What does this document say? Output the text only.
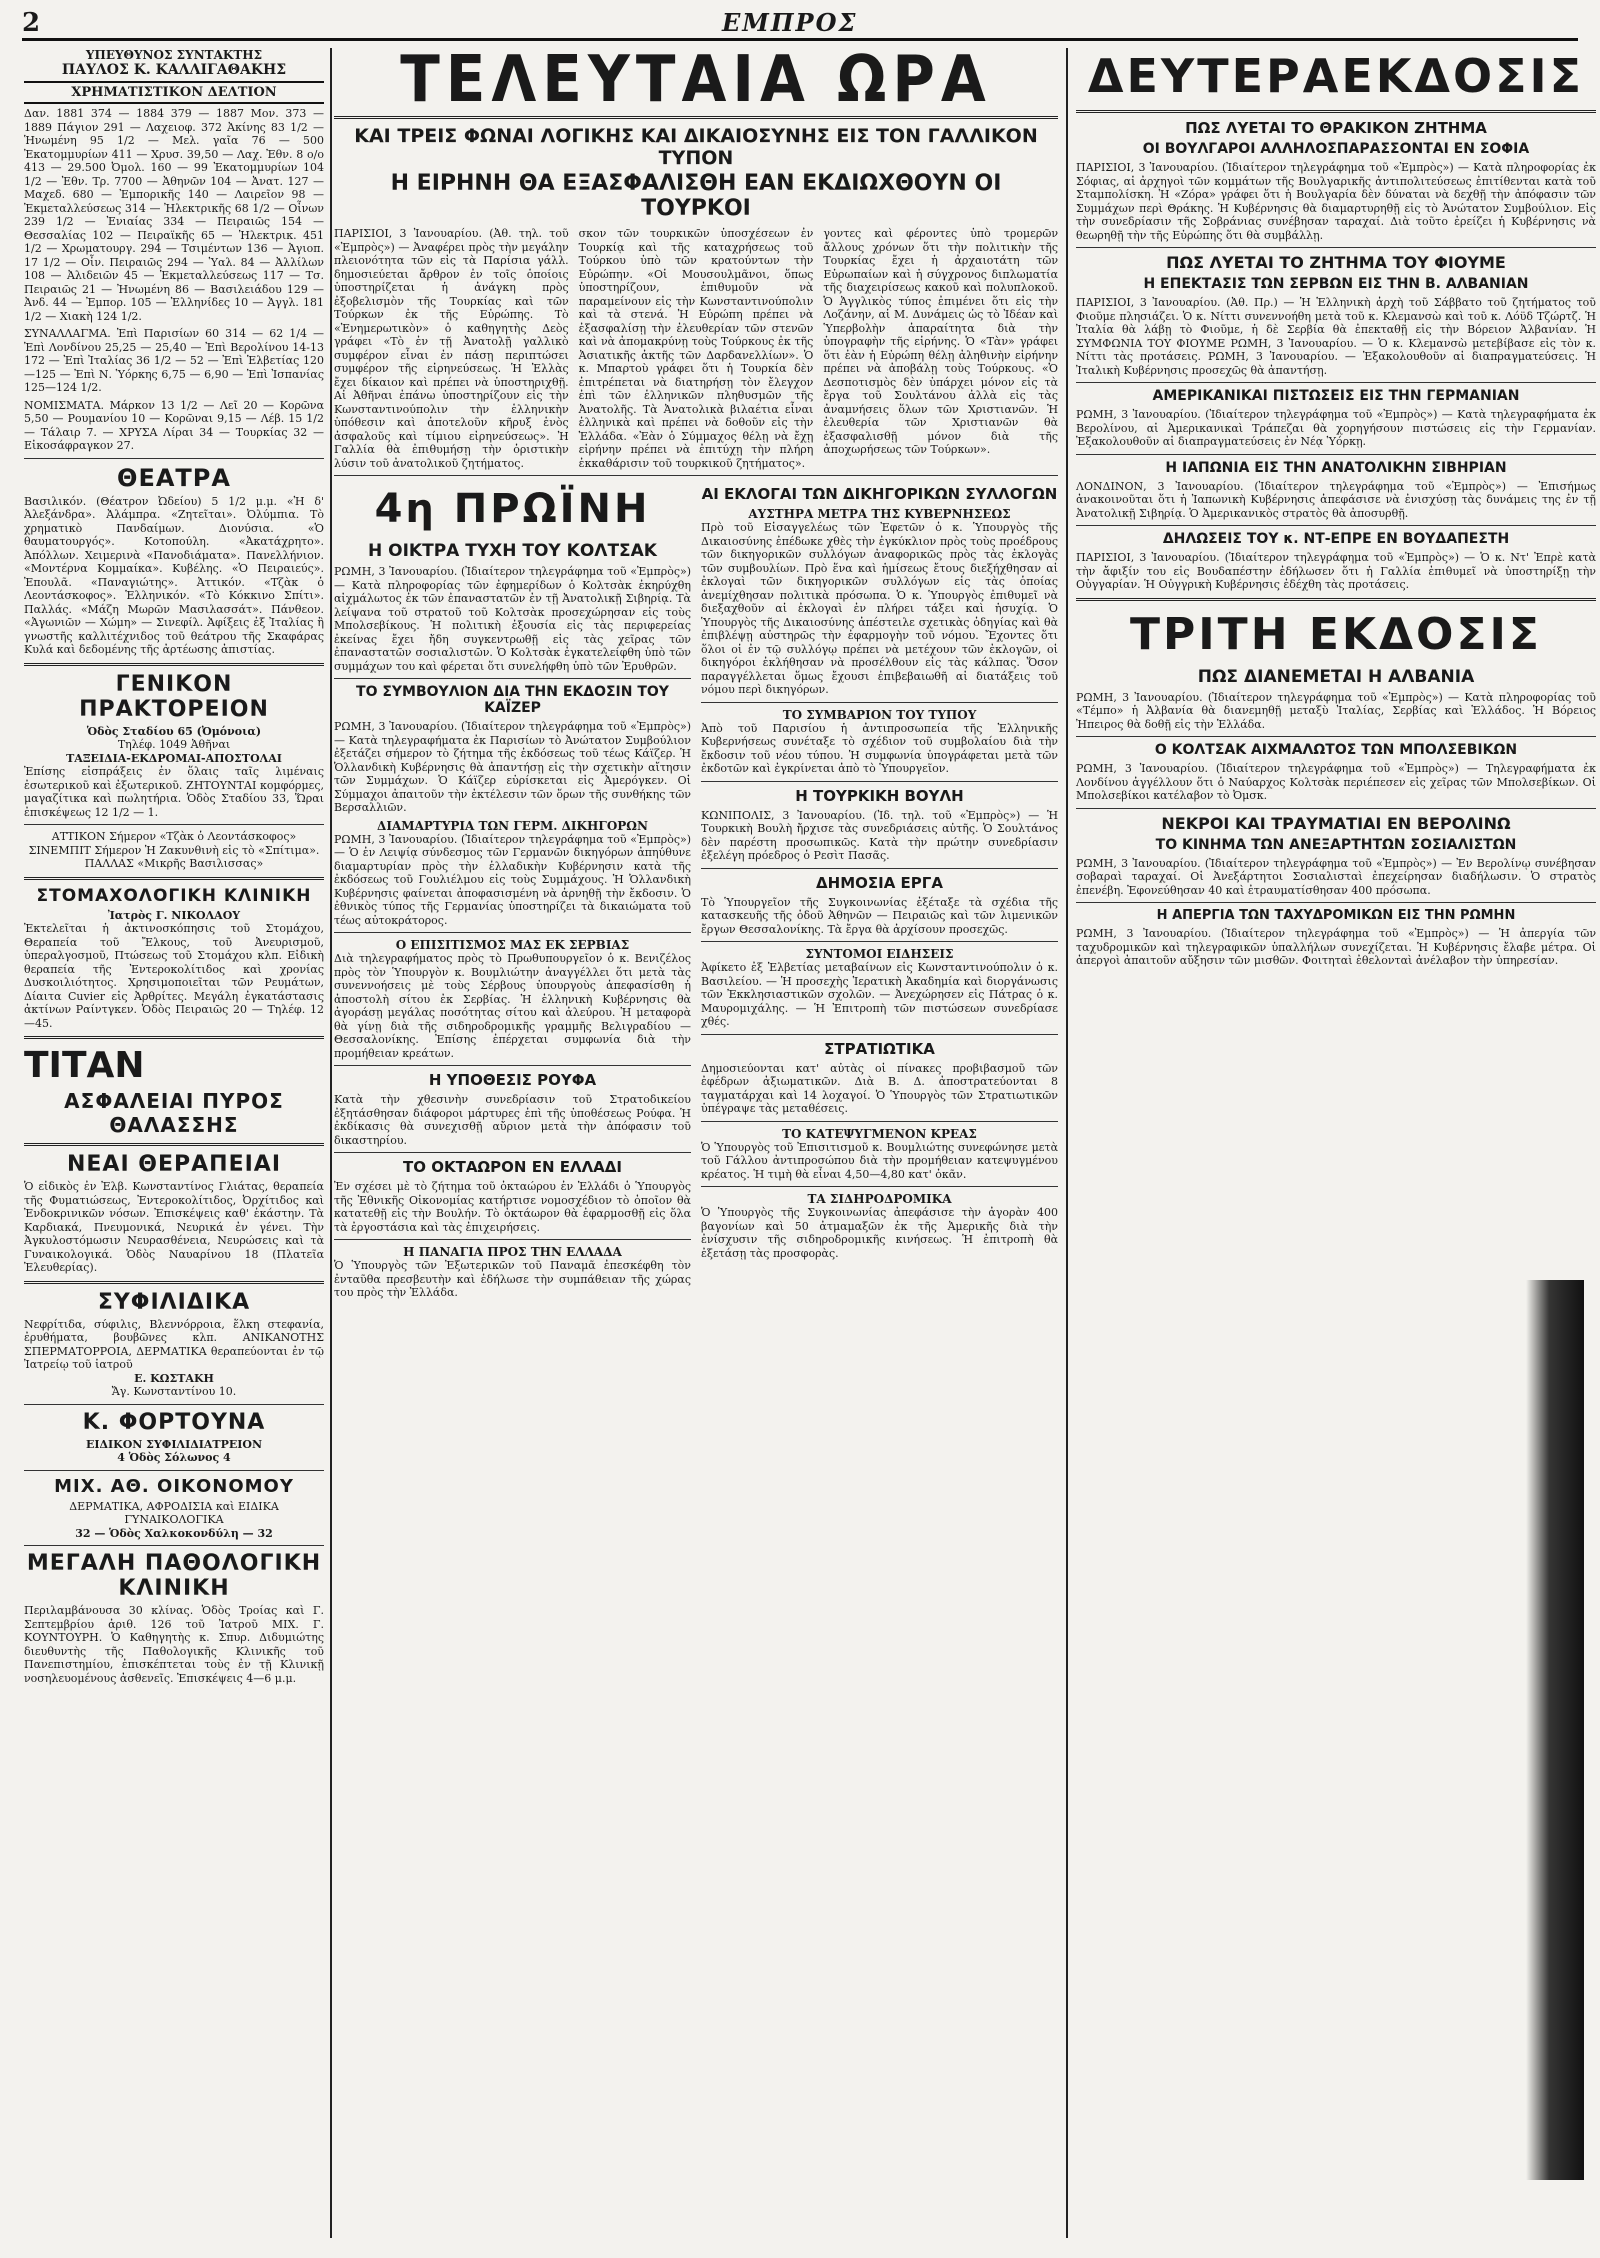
2	ΕΜΠΡΟΣ

ΥΠΕΥΘΥΝΟΣ ΣΥΝΤΑΚΤΗΣ

ΠΑΥΛΟΣ Κ. ΚΑΛΛΙΓΑΘΑΚΗΣ

ΧΡΗΜΑΤΙΣΤΙΚΟΝ ΔΕΛΤΙΟΝ
Δαν. 1881 374 — 1884 379 — 1887 Μον. 373 — 1889 Πάγιον 291 — Λαχειοφ. 372 Ἀκίνης 83 1/2 — Ἡνωμένη 95 1/2 — Μελ. γαῖα 76 — 500 Ἐκατομμυρίων 411 — Χρυσ. 39,50 — Λαχ. Ἐθν. 8 ο/ο 413 — 29.500 Ὀμολ. 160 — 99 Ἐκατομμυρίων 104 1/2 — Ἐθν. Τρ. 7700 — Ἀθηνῶν 104 — Ἀνατ. 127 — Μαχεδ. 680 — Ἐμπορικῆς 140 — Λαιρεῖον 98 — Ἐκμεταλλεύσεως 314 — Ἠλεκτρικῆς 68 1/2 — Οἶνων 239 1/2 — Ἐνιαίας 334 — Πειραιῶς 154 — Θεσσαλίας 102 — Πειραϊκῆς 65 — Ἠλεκτρικ. 451 1/2 — Χρωματουργ. 294 — Τσιμέντων 136 — Ἀγιοπ. 17 1/2 — Οἶν. Πειραιῶς 294 — Ὑαλ. 84 — Ἀλλίλων 108 — Ἀλιδειῶν 45 — Ἐκμεταλλεύσεως 117 — Τσ. Πειραιῶς 21 — Ἠνωμένη 86 — Βασιλειάδου 129 — Ἀνδ. 44 — Ἐμπορ. 105 — Ἑλληνίδες 10 — Ἀγγλ. 181 1/2 — Χιακὴ 124 1/2.
ΣΥΝΑΛΛΑΓΜΑ. Ἐπὶ Παρισίων 60 314 — 62 1/4 — Ἐπὶ Λονδίνου 25,25 — 25,40 — Ἐπὶ Βερολίνου 14-13 172 — Ἐπὶ Ἰταλίας 36 1/2 — 52 — Ἐπὶ Ἑλβετίας 120—125 — Ἐπὶ Ν. Ὑόρκης 6,75 — 6,90 — Ἐπὶ Ἰσπανίας 125—124 1/2.
ΝΟΜΙΣΜΑΤΑ. Μάρκον 13 1/2 — Λεῖ 20 — Κορῶνα 5,50 — Ρουμανίου 10 — Κορῶναι 9,15 — Λέβ. 15 1/2 — Τάλαιρ 7. — ΧΡΥΣΑ Λίραι 34 — Τουρκίας 32 — Εἰκοσάφραγκον 27.
ΘΕΑΤΡΑ
Βασιλικόν. (Θέατρον Ὠδείου) 5 1/2 μ.μ. «Ἡ δ' Ἀλεξάνδρα». Ἀλάμπρα. «Ζητεῖται». Ὀλύμπια. Τὸ χρηματικὸ Πανδαίμων. Διονύσια. «Ὁ θαυματουργός». Κοτοπούλη. «Ἀκατάχρητο». Ἀπόλλων. Χειμερινὰ «Πανοδιάματα». Πανελλήνιον. «Μοντέρνα Κομμαίκα». Κυβέλης. «Ὁ Πειραιεύς». Ἐπουλᾶ. «Παναγιώτης». Ἀττικόν. «Τζὰκ ὁ Λεοντάσκοφος». Ἑλληνικόν. «Τὸ Κόκκινο Σπίτι». Παλλάς. «Μάζη Μωρῶν Μασιλασσάτ». Πάνθεον. «Ἀγωνιῶν — Χώμη» — Σινεφίλ. Ἀφίξεις ἐξ Ἰταλίας ἢ γνωστῆς καλλιτέχνιδος τοῦ θεάτρου τῆς Σκαφάρας Κυλά καὶ δεδομένης τῆς ἀρτέωσης ἀπιστίας.
ΓΕΝΙΚΟΝ ΠΡΑΚΤΟΡΕΙΟΝ
Ὁδὸς Σταδίου 65 (Ὀμόνοια)
Τηλέφ. 1049 Ἀθῆναι
ΤΑΞΕΙΔΙΑ-ΕΚΔΡΟΜΑΙ-ΑΠΟΣΤΟΛΑΙ
Ἐπίσης εἰσπράξεις ἐν ὅλαις ταῖς λιμέναις ἐσωτερικοῦ καὶ ἐξωτερικοῦ. ΖΗΤΟΥΝΤΑΙ κομφόρμες, μαγαζίτικα καὶ πωλητήρια. Ὁδὸς Σταδίου 33, Ὥραι ἐπισκέψεως 12 1/2 — 1.
ΑΤΤΙΚΟΝ Σήμερον «Τζὰκ ὁ Λεοντάσκοφος» ΣΙΝΕΜΠΙΤ Σήμερον Ἡ Ζακυνθινὴ εἰς τὸ «Σπίτιμα». ΠΑΛΛΑΣ «Μικρῆς Βασιλισσας»
ΣΤΟΜΑΧΟΛΟΓΙΚΗ ΚΛΙΝΙΚΗ
Ἰατρὸς Γ. ΝΙΚΟΛΑΟΥ
Ἐκτελεῖται ἡ ἀκτινοσκόπησις τοῦ Στομάχου, Θεραπεία τοῦ Ἔλκους, τοῦ Ἀνευρισμοῦ, ὑπεραλγοσμοῦ, Πτώσεως τοῦ Στομάχου κλπ. Εἰδικὴ θεραπεία τῆς Ἐντεροκολίτιδος καὶ χρονίας Δυσκοιλιότητος. Χρησιμοποιεῖται τῶν Ρευμάτων, Δίαιτα Cuvier εἰς Ἀρθρίτες. Μεγάλη ἐγκατάστασις ἀκτίνων Ραίντγκεν. Ὁδὸς Πειραιῶς 20 — Τηλέφ. 12—45.
ΤΙΤΑΝ
ΑΣΦΑΛΕΙΑΙ ΠΥΡΟΣ ΘΑΛΑΣΣΗΣ
ΝΕΑΙ ΘΕΡΑΠΕΙΑΙ
Ὁ εἰδικὸς ἐν Ἐλβ. Κωνσταντίνος Γλιάτας, θεραπεία τῆς Φυματιώσεως, Ἐντεροκολίτιδος, Ὀρχίτιδος καὶ Ἐνδοκρινικῶν νόσων. Ἐπισκέψεις καθ' ἑκάστην. Τὰ Καρδιακά, Πνευμονικά, Νευρικά ἐν γένει. Τὴν Ἀγκυλοστόμωσιν Νευρασθένεια, Νευρώσεις καὶ τὰ Γυναικολογικά. Ὁδὸς Ναυαρίνου 18 (Πλατεῖα Ἐλευθερίας).
ΣΥΦΙΛΙΔΙΚΑ
Νεφρίτιδα, σύφιλις, Βλεννόρροια, ἕλκη στεφανία, ἐρυθήματα, βουβῶνες κλπ. ΑΝΙΚΑΝΟΤΗΣ ΣΠΕΡΜΑΤΟΡΡΟΙΑ, ΔΕΡΜΑΤΙΚΑ θεραπεύονται ἐν τῷ Ἰατρείῳ τοῦ ἰατροῦ
Ε. ΚΩΣΤΑΚΗ
Ἄγ. Κωνσταντίνου 10.
Κ. ΦΟΡΤΟΥΝΑ
ΕΙΔΙΚΟΝ ΣΥΦΙΛΙΔΙΑΤΡΕΙΟΝ
4 Ὁδὸς Σόλωνος 4
ΜΙΧ. ΑΘ. ΟΙΚΟΝΟΜΟΥ
ΔΕΡΜΑΤΙΚΑ, ΑΦΡΟΔΙΣΙΑ καὶ ΕΙΔΙΚΑ ΓΥΝΑΙΚΟΛΟΓΙΚΑ
32 — Ὁδὸς Χαλκοκονδύλη — 32
ΜΕΓΑΛΗ ΠΑΘΟΛΟΓΙΚΗ ΚΛΙΝΙΚΗ
Περιλαμβάνουσα 30 κλίνας. Ὁδὸς Τροίας καὶ Γ. Σεπτεμβρίου ἀριθ. 126 τοῦ Ἰατροῦ ΜΙΧ. Γ. ΚΟΥΝΤΟΥΡΗ. Ὁ Καθηγητὴς κ. Σπυρ. Διδυμιώτης διευθυντὴς τῆς Παθολογικῆς Κλινικῆς τοῦ Πανεπιστημίου, ἐπισκέπτεται τοὺς ἐν τῇ Κλινικῇ νοσηλευομένους ἀσθενεῖς. Ἐπισκέψεις 4—6 μ.μ.
ΤΕΛΕΥΤΑΙΑ ΩΡΑ
ΚΑΙ ΤΡΕΙΣ ΦΩΝΑΙ ΛΟΓΙΚΗΣ ΚΑΙ ΔΙΚΑΙΟΣΥΝΗΣ ΕΙΣ ΤΟΝ ΓΑΛΛΙΚΟΝ ΤΥΠΟΝ
Η ΕΙΡΗΝΗ ΘΑ ΕΞΑΣΦΑΛΙΣΘΗ ΕΑΝ ΕΚΔΙΩΧΘΟΥΝ ΟΙ ΤΟΥΡΚΟΙ
ΠΑΡΙΣΙΟΙ, 3 Ἰανουαρίου. (Ἀθ. τηλ. τοῦ «Ἐμπρὸς») — Ἀναφέρει πρὸς τὴν μεγάλην πλειονότητα τῶν εἰς τὰ Παρίσια γάλλ. δημοσιεύεται ἄρθρον ἐν τοῖς ὁποίοις ὑποστηρίζεται ἡ ἀνάγκη πρὸς ἐξοβελισμὸν τῆς Τουρκίας καὶ τῶν Τούρκων ἐκ τῆς Εὐρώπης. Τὸ «Ἐνημερωτικὸν» ὁ καθηγητὴς Δεὸς γράφει «Τὸ ἐν τῇ Ἀνατολῇ γαλλικὸ συμφέρον εἶναι ἐν πάσῃ περιπτώσει συμφέρον τῆς εἰρηνεύσεως. Ἡ Ἑλλὰς ἔχει δίκαιον καὶ πρέπει νὰ ὑποστηριχθῇ. Αἱ Ἀθῆναι ἐπάνω ὑποστηρίζουν εἰς τὴν Κωνσταντινούπολιν τὴν ἑλληνικὴν ὑπόθεσιν καὶ ἀποτελοῦν κῆρυξ ἑνὸς ἀσφαλοῦς καὶ τίμιου εἰρηνεύσεως». Ἡ Γαλλία θὰ ἐπιθυμήσῃ τὴν ὁριστικὴν λύσιν τοῦ ἀνατολικοῦ ζητήματος.
σκον τῶν τουρκικῶν ὑποσχέσεων ἐν Τουρκίᾳ καὶ τῆς καταχρήσεως τοῦ Τούρκου ὑπὸ τῶν κρατούντων τὴν Εὐρώπην. «Οἱ Μουσουλμᾶνοι, ὅπως ὑποστηρίζουν, ἐπιθυμοῦν νὰ παραμείνουν εἰς τὴν Κωνσταντινούπολιν καὶ τὰ στενά. Ἡ Εὐρώπη πρέπει νὰ ἐξασφαλίσῃ τὴν ἐλευθερίαν τῶν στενῶν καὶ νὰ ἀπομακρύνῃ τοὺς Τούρκους ἐκ τῆς Ἀσιατικῆς ἀκτῆς τῶν Δαρδανελλίων». Ὁ κ. Μπαρτοὺ γράφει ὅτι ἡ Τουρκία δὲν ἐπιτρέπεται νὰ διατηρήσῃ τὸν ἔλεγχον ἐπὶ τῶν ἑλληνικῶν πληθυσμῶν τῆς Ἀνατολῆς. Τὰ Ἀνατολικὰ βιλαέτια εἶναι ἑλληνικὰ καὶ πρέπει νὰ δοθοῦν εἰς τὴν Ἑλλάδα. «Ἐὰν ὁ Σύμμαχος θέλῃ νὰ ἔχῃ εἰρήνην πρέπει νὰ ἐπιτύχῃ τὴν πλήρη ἐκκαθάρισιν τοῦ τουρκικοῦ ζητήματος».
γοντες καὶ φέροντες ὑπὸ τρομερῶν ἄλλους χρόνων ὅτι τὴν πολιτικὴν τῆς Τουρκίας ἔχει ἡ ἀρχαιοτάτη τῶν Εὐρωπαίων καὶ ἡ σύγχρονος διπλωματία τῆς διαχειρίσεως κακοῦ καὶ πολυπλοκοῦ. Ὁ Ἀγγλικὸς τύπος ἐπιμένει ὅτι εἰς τὴν Λοζάνην, αἱ Μ. Δυνάμεις ὡς τὸ Ἰδέαν καὶ Ὑπερβολὴν ἀπαραίτητα διὰ τὴν ὑπογραφὴν τῆς εἰρήνης. Ὁ «Τὰν» γράφει ὅτι ἐὰν ἡ Εὐρώπη θέλῃ ἀληθινὴν εἰρήνην πρέπει νὰ ἀποβάλῃ τοὺς Τούρκους. «Ὁ Δεσποτισμὸς δὲν ὑπάρχει μόνον εἰς τὰ ἔργα τοῦ Σουλτάνου ἀλλὰ εἰς τὰς ἀναμνήσεις ὅλων τῶν Χριστιανῶν. Ἡ ἐλευθερία τῶν Χριστιανῶν θὰ ἐξασφαλισθῇ μόνον διὰ τῆς ἀποχωρήσεως τῶν Τούρκων».
4η ΠΡΩΪΝΗ
Η ΟΙΚΤΡΑ ΤΥΧΗ ΤΟΥ ΚΟΛΤΣΑΚ
ΡΩΜΗ, 3 Ἰανουαρίου. (Ἰδιαίτερον τηλεγράφημα τοῦ «Ἐμπρὸς») — Κατὰ πληροφορίας τῶν ἐφημερίδων ὁ Κολτσὰκ ἐκηρύχθη αἰχμάλωτος ἐκ τῶν ἐπαναστατῶν ἐν τῇ Ἀνατολικῇ Σιβηρίᾳ. Τὰ λείψανα τοῦ στρατοῦ τοῦ Κολτσὰκ προσεχώρησαν εἰς τοὺς Μπολσεβίκους. Ἡ πολιτικὴ ἐξουσία εἰς τὰς περιφερείας ἐκείνας ἔχει ἤδη συγκεντρωθῇ εἰς τὰς χεῖρας τῶν ἐπαναστατῶν σοσιαλιστῶν. Ὁ Κολτσὰκ ἐγκατελείφθη ὑπὸ τῶν συμμάχων του καὶ φέρεται ὅτι συνελήφθη ὑπὸ τῶν Ἐρυθρῶν.
ΤΟ ΣΥΜΒΟΥΛΙΟΝ ΔΙΑ ΤΗΝ ΕΚΔΟΣΙΝ ΤΟΥ ΚΑΪΖΕΡ
ΡΩΜΗ, 3 Ἰανουαρίου. (Ἰδιαίτερον τηλεγράφημα τοῦ «Ἐμπρὸς») — Κατὰ τηλεγραφήματα ἐκ Παρισίων τὸ Ἀνώτατον Συμβούλιον ἐξετάζει σήμερον τὸ ζήτημα τῆς ἐκδόσεως τοῦ τέως Κάϊζερ. Ἡ Ὁλλανδικὴ Κυβέρνησις θὰ ἀπαντήσῃ εἰς τὴν σχετικὴν αἴτησιν τῶν Συμμάχων. Ὁ Κάϊζερ εὑρίσκεται εἰς Ἀμερόγκεν. Οἱ Σύμμαχοι ἀπαιτοῦν τὴν ἐκτέλεσιν τῶν ὅρων τῆς συνθήκης τῶν Βερσαλλιῶν.
ΔΙΑΜΑΡΤΥΡΙΑ ΤΩΝ ΓΕΡΜ. ΔΙΚΗΓΟΡΩΝ
ΡΩΜΗ, 3 Ἰανουαρίου. (Ἰδιαίτερον τηλεγράφημα τοῦ «Ἐμπρὸς») — Ὁ ἐν Λειψίᾳ σύνδεσμος τῶν Γερμανῶν δικηγόρων ἀπηύθυνε διαμαρτυρίαν πρὸς τὴν ἑλλαδικὴν Κυβέρνησιν κατὰ τῆς ἐκδόσεως τοῦ Γουλιέλμου εἰς τοὺς Συμμάχους. Ἡ Ὁλλανδικὴ Κυβέρνησις φαίνεται ἀποφασισμένη νὰ ἀρνηθῇ τὴν ἔκδοσιν. Ὁ ἐθνικὸς τύπος τῆς Γερμανίας ὑποστηρίζει τὰ δικαιώματα τοῦ τέως αὐτοκράτορος.
Ο ΕΠΙΣΙΤΙΣΜΟΣ ΜΑΣ ΕΚ ΣΕΡΒΙΑΣ
Διὰ τηλεγραφήματος πρὸς τὸ Πρωθυπουργεῖον ὁ κ. Βενιζέλος πρὸς τὸν Ὑπουργὸν κ. Βουμλιώτην ἀναγγέλλει ὅτι μετὰ τὰς συνεννοήσεις μὲ τοὺς Σέρβους ὑπουργοὺς ἀπεφασίσθη ἡ ἀποστολὴ σίτου ἐκ Σερβίας. Ἡ ἑλληνικὴ Κυβέρνησις θὰ ἀγοράσῃ μεγάλας ποσότητας σίτου καὶ ἀλεύρου. Ἡ μεταφορὰ θὰ γίνῃ διὰ τῆς σιδηροδρομικῆς γραμμῆς Βελιγραδίου — Θεσσαλονίκης. Ἐπίσης ἐπέρχεται συμφωνία διὰ τὴν προμήθειαν κρεάτων.
Η ΥΠΟΘΕΣΙΣ ΡΟΥΦΑ
Κατὰ τὴν χθεσινὴν συνεδρίασιν τοῦ Στρατοδικείου ἐξητάσθησαν διάφοροι μάρτυρες ἐπὶ τῆς ὑποθέσεως Ρούφα. Ἡ ἐκδίκασις θὰ συνεχισθῇ αὔριον μετὰ τὴν ἀπόφασιν τοῦ δικαστηρίου.
ΤΟ ΟΚΤΑΩΡΟΝ ΕΝ ΕΛΛΑΔΙ
Ἐν σχέσει μὲ τὸ ζήτημα τοῦ ὀκταώρου ἐν Ἑλλάδι ὁ Ὑπουργὸς τῆς Ἐθνικῆς Οἰκονομίας κατήρτισε νομοσχέδιον τὸ ὁποῖον θὰ κατατεθῇ εἰς τὴν Βουλήν. Τὸ ὀκτάωρον θὰ ἐφαρμοσθῇ εἰς ὅλα τὰ ἐργοστάσια καὶ τὰς ἐπιχειρήσεις.
Η ΠΑΝΑΓΙΑ ΠΡΟΣ ΤΗΝ ΕΛΛΑΔΑ
Ὁ Ὑπουργὸς τῶν Ἐξωτερικῶν τοῦ Παναμᾶ ἐπεσκέφθη τὸν ἐνταῦθα πρεσβευτὴν καὶ ἐδήλωσε τὴν συμπάθειαν τῆς χώρας του πρὸς τὴν Ἑλλάδα.
ΑΙ ΕΚΛΟΓΑΙ ΤΩΝ ΔΙΚΗΓΟΡΙΚΩΝ ΣΥΛΛΟΓΩΝ
ΑΥΣΤΗΡΑ ΜΕΤΡΑ ΤΗΣ ΚΥΒΕΡΝΗΣΕΩΣ
Πρὸ τοῦ Εἰσαγγελέως τῶν Ἐφετῶν ὁ κ. Ὑπουργὸς τῆς Δικαιοσύνης ἐπέδωκε χθὲς τὴν ἐγκύκλιον πρὸς τοὺς προέδρους τῶν δικηγορικῶν συλλόγων ἀναφορικῶς πρὸς τὰς ἐκλογὰς τῶν συμβουλίων. Πρὸ ἕνα καὶ ἡμίσεως ἔτους διεξήχθησαν αἱ ἐκλογαὶ τῶν δικηγορικῶν συλλόγων εἰς τὰς ὁποίας ἀνεμίχθησαν πολιτικὰ πρόσωπα. Ὁ κ. Ὑπουργὸς ἐπιθυμεῖ νὰ διεξαχθοῦν αἱ ἐκλογαὶ ἐν πλήρει τάξει καὶ ἡσυχίᾳ. Ὁ Ὑπουργὸς τῆς Δικαιοσύνης ἀπέστειλε σχετικὰς ὁδηγίας καὶ θὰ ἐπιβλέψῃ αὐστηρῶς τὴν ἐφαρμογὴν τοῦ νόμου. Ἔχοντες ὅτι ὅλοι οἱ ἐν τῷ συλλόγῳ πρέπει νὰ μετέχουν τῶν ἐκλογῶν, οἱ δικηγόροι ἐκλήθησαν νὰ προσέλθουν εἰς τὰς κάλπας. Ὅσον παραγγέλλεται ὅμως ἔχουσι ἐπιβεβαιωθῆ αἱ διατάξεις τοῦ νόμου περὶ δικηγόρων.
ΤΟ ΣΥΜΒΑΡΙΟΝ ΤΟΥ ΤΥΠΟΥ
Ἀπὸ τοῦ Παρισίου ἡ ἀντιπροσωπεία τῆς Ἑλληνικῆς Κυβερνήσεως συνέταξε τὸ σχέδιον τοῦ συμβολαίου διὰ τὴν ἔκδοσιν τοῦ νέου τύπου. Ἡ συμφωνία ὑπογράφεται μετὰ τῶν ἐκδοτῶν καὶ ἐγκρίνεται ἀπὸ τὸ Ὑπουργεῖον.
Η ΤΟΥΡΚΙΚΗ ΒΟΥΛΗ
ΚΩΝΙΠΟΛΙΣ, 3 Ἰανουαρίου. (Ἰδ. τηλ. τοῦ «Ἐμπρὸς») — Ἡ Τουρκικὴ Βουλὴ ἤρχισε τὰς συνεδριάσεις αὐτῆς. Ὁ Σουλτάνος δὲν παρέστη προσωπικῶς. Κατὰ τὴν πρώτην συνεδρίασιν ἐξελέγη πρόεδρος ὁ Ρεσὶτ Πασᾶς.
ΔΗΜΟΣΙΑ ΕΡΓΑ
Τὸ Ὑπουργεῖον τῆς Συγκοινωνίας ἐξέταξε τὰ σχέδια τῆς κατασκευῆς τῆς ὁδοῦ Ἀθηνῶν — Πειραιῶς καὶ τῶν λιμενικῶν ἔργων Θεσσαλονίκης. Τὰ ἔργα θὰ ἀρχίσουν προσεχῶς.
ΣΥΝΤΟΜΟΙ ΕΙΔΗΣΕΙΣ
Ἀφίκετο ἐξ Ἑλβετίας μεταβαίνων εἰς Κωνσταντινούπολιν ὁ κ. Βασιλείου. — Ἡ προσεχὴς Ἱερατικὴ Ἀκαδημία καὶ διοργάνωσις τῶν Ἐκκλησιαστικῶν σχολῶν. — Ἀνεχώρησεν εἰς Πάτρας ὁ κ. Μαυρομιχάλης. — Ἡ Ἐπιτροπὴ τῶν πιστώσεων συνεδρίασε χθές.
ΣΤΡΑΤΙΩΤΙΚΑ
Δημοσιεύονται κατ' αὐτὰς οἱ πίνακες προβιβασμοῦ τῶν ἐφέδρων ἀξιωματικῶν. Διὰ Β. Δ. ἀποστρατεύονται 8 ταγματάρχαι καὶ 14 λοχαγοί. Ὁ Ὑπουργὸς τῶν Στρατιωτικῶν ὑπέγραψε τὰς μεταθέσεις.
ΤΟ ΚΑΤΕΨΥΓΜΕΝΟΝ ΚΡΕΑΣ
Ὁ Ὑπουργὸς τοῦ Ἐπισιτισμοῦ κ. Βουμλιώτης συνεφώνησε μετὰ τοῦ Γάλλου ἀντιπροσώπου διὰ τὴν προμήθειαν κατεψυγμένου κρέατος. Ἡ τιμὴ θὰ εἶναι 4,50—4,80 κατ' ὀκᾶν.
ΤΑ ΣΙΔΗΡΟΔΡΟΜΙΚΑ
Ὁ Ὑπουργὸς τῆς Συγκοινωνίας ἀπεφάσισε τὴν ἀγορὰν 400 βαγονίων καὶ 50 ἀτμαμαξῶν ἐκ τῆς Ἀμερικῆς διὰ τὴν ἐνίσχυσιν τῆς σιδηροδρομικῆς κινήσεως. Ἡ ἐπιτροπὴ θὰ ἐξετάσῃ τὰς προσφορὰς.
ΔΕΥΤΕΡΑΕΚΔΟΣΙΣ
ΠΩΣ ΛΥΕΤΑΙ ΤΟ ΘΡΑΚΙΚΟΝ ΖΗΤΗΜΑ
ΟΙ ΒΟΥΛΓΑΡΟΙ ΑΛΛΗΛΟΣΠΑΡΑΣΣΟΝΤΑΙ ΕΝ ΣΟΦΙΑ
ΠΑΡΙΣΙΟΙ, 3 Ἰανουαρίου. (Ἰδιαίτερον τηλεγράφημα τοῦ «Ἐμπρὸς») — Κατὰ πληροφορίας ἐκ Σόφιας, αἱ ἀρχηγοὶ τῶν κομμάτων τῆς Βουλγαρικῆς ἀντιπολιτεύσεως ἐπιτίθενται κατὰ τοῦ Σταμπολίσκη. Ἡ «Ζόρα» γράφει ὅτι ἡ Βουλγαρία δὲν δύναται νὰ δεχθῇ τὴν ἀπόφασιν τῶν Συμμάχων περὶ Θράκης. Ἡ Κυβέρνησις θὰ διαμαρτυρηθῇ εἰς τὸ Ἀνώτατον Συμβούλιον. Εἰς τὴν συνεδρίασιν τῆς Σοβράνιας συνέβησαν ταραχαί. Διὰ τοῦτο ἐρείζει ἡ Κυβέρνησις νὰ θεωρηθῇ τὴν τῆς Εὐρώπης ὅτι θὰ συμβάλλῃ.
ΠΩΣ ΛΥΕΤΑΙ ΤΟ ΖΗΤΗΜΑ ΤΟΥ ΦΙΟΥΜΕ
Η ΕΠΕΚΤΑΣΙΣ ΤΩΝ ΣΕΡΒΩΝ ΕΙΣ ΤΗΝ Β. ΑΛΒΑΝΙΑΝ
ΠΑΡΙΣΙΟΙ, 3 Ἰανουαρίου. (Ἀθ. Πρ.) — Ἡ Ἑλληνικὴ ἀρχὴ τοῦ Σάββατο τοῦ ζητήματος τοῦ Φιοῦμε πλησιάζει. Ὁ κ. Νίττι συνεννοήθη μετὰ τοῦ κ. Κλεμανσὼ καὶ τοῦ κ. Λόϋδ Τζώρτζ. Ἡ Ἰταλία θὰ λάβῃ τὸ Φιοῦμε, ἡ δὲ Σερβία θὰ ἐπεκταθῇ εἰς τὴν Βόρειον Ἀλβανίαν. Ἡ ΣΥΜΦΩΝΙΑ ΤΟΥ ΦΙΟΥΜΕ ΡΩΜΗ, 3 Ἰανουαρίου. — Ὁ κ. Κλεμανσὼ μετεβίβασε εἰς τὸν κ. Νίττι τὰς προτάσεις. ΡΩΜΗ, 3 Ἰανουαρίου. — Ἐξακολουθοῦν αἱ διαπραγματεύσεις. Ἡ Ἰταλικὴ Κυβέρνησις προσεχῶς θὰ ἀπαντήσῃ.
ΑΜΕΡΙΚΑΝΙΚΑΙ ΠΙΣΤΩΣΕΙΣ ΕΙΣ ΤΗΝ ΓΕΡΜΑΝΙΑΝ
ΡΩΜΗ, 3 Ἰανουαρίου. (Ἰδιαίτερον τηλεγράφημα τοῦ «Ἐμπρὸς») — Κατὰ τηλεγραφήματα ἐκ Βερολίνου, αἱ Ἀμερικανικαὶ Τράπεζαι θὰ χορηγήσουν πιστώσεις εἰς τὴν Γερμανίαν. Ἐξακολουθοῦν αἱ διαπραγματεύσεις ἐν Νέᾳ Ὑόρκῃ.
Η ΙΑΠΩΝΙΑ ΕΙΣ ΤΗΝ ΑΝΑΤΟΛΙΚΗΝ ΣΙΒΗΡΙΑΝ
ΛΟΝΔΙΝΟΝ, 3 Ἰανουαρίου. (Ἰδιαίτερον τηλεγράφημα τοῦ «Ἐμπρὸς») — Ἐπισήμως ἀνακοινοῦται ὅτι ἡ Ἰαπωνικὴ Κυβέρνησις ἀπεφάσισε νὰ ἐνισχύσῃ τὰς δυνάμεις της ἐν τῇ Ἀνατολικῇ Σιβηρίᾳ. Ὁ Ἀμερικανικὸς στρατὸς θὰ ἀποσυρθῇ.
ΔΗΛΩΣΕΙΣ ΤΟΥ κ. ΝΤ-ΕΠΡΕ ΕΝ ΒΟΥΔΑΠΕΣΤΗ
ΠΑΡΙΣΙΟΙ, 3 Ἰανουαρίου. (Ἰδιαίτερον τηλεγράφημα τοῦ «Ἐμπρὸς») — Ὁ κ. Ντ' Ἐπρὲ κατὰ τὴν ἄφιξίν του εἰς Βουδαπέστην ἐδήλωσεν ὅτι ἡ Γαλλία ἐπιθυμεῖ νὰ ὑποστηρίξῃ τὴν Οὐγγαρίαν. Ἡ Οὐγγρικὴ Κυβέρνησις ἐδέχθη τὰς προτάσεις.
ΤΡΙΤΗ ΕΚΔΟΣΙΣ
ΠΩΣ ΔΙΑΝΕΜΕΤΑΙ Η ΑΛΒΑΝΙΑ
ΡΩΜΗ, 3 Ἰανουαρίου. (Ἰδιαίτερον τηλεγράφημα τοῦ «Ἐμπρὸς») — Κατὰ πληροφορίας τοῦ «Τέμπο» ἡ Ἀλβανία θὰ διανεμηθῇ μεταξὺ Ἰταλίας, Σερβίας καὶ Ἑλλάδος. Ἡ Βόρειος Ἠπειρος θὰ δοθῇ εἰς τὴν Ἑλλάδα.
Ο ΚΟΛΤΣΑΚ ΑΙΧΜΑΛΩΤΟΣ ΤΩΝ ΜΠΟΛΣΕΒΙΚΩΝ
ΡΩΜΗ, 3 Ἰανουαρίου. (Ἰδιαίτερον τηλεγράφημα τοῦ «Ἐμπρὸς») — Τηλεγραφήματα ἐκ Λονδίνου ἀγγέλλουν ὅτι ὁ Ναύαρχος Κολτσὰκ περιέπεσεν εἰς χεῖρας τῶν Μπολσεβίκων. Οἱ Μπολσεβίκοι κατέλαβον τὸ Ὀμσκ.
ΝΕΚΡΟΙ ΚΑΙ ΤΡΑΥΜΑΤΙΑΙ ΕΝ ΒΕΡΟΛΙΝΩ
ΤΟ ΚΙΝΗΜΑ ΤΩΝ ΑΝΕΞΑΡΤΗΤΩΝ ΣΟΣΙΑΛΙΣΤΩΝ
ΡΩΜΗ, 3 Ἰανουαρίου. (Ἰδιαίτερον τηλεγράφημα τοῦ «Ἐμπρὸς») — Ἐν Βερολίνῳ συνέβησαν σοβαραὶ ταραχαί. Οἱ Ἀνεξάρτητοι Σοσιαλισταὶ ἐπεχείρησαν διαδήλωσιν. Ὁ στρατὸς ἐπενέβη. Ἐφονεύθησαν 40 καὶ ἐτραυματίσθησαν 400 πρόσωπα.
Η ΑΠΕΡΓΙΑ ΤΩΝ ΤΑΧΥΔΡΟΜΙΚΩΝ ΕΙΣ ΤΗΝ ΡΩΜΗΝ
ΡΩΜΗ, 3 Ἰανουαρίου. (Ἰδιαίτερον τηλεγράφημα τοῦ «Ἐμπρὸς») — Ἡ ἀπεργία τῶν ταχυδρομικῶν καὶ τηλεγραφικῶν ὑπαλλήλων συνεχίζεται. Ἡ Κυβέρνησις ἔλαβε μέτρα. Οἱ ἀπεργοὶ ἀπαιτοῦν αὔξησιν τῶν μισθῶν. Φοιτηταὶ ἐθελονταὶ ἀνέλαβον τὴν ὑπηρεσίαν.
